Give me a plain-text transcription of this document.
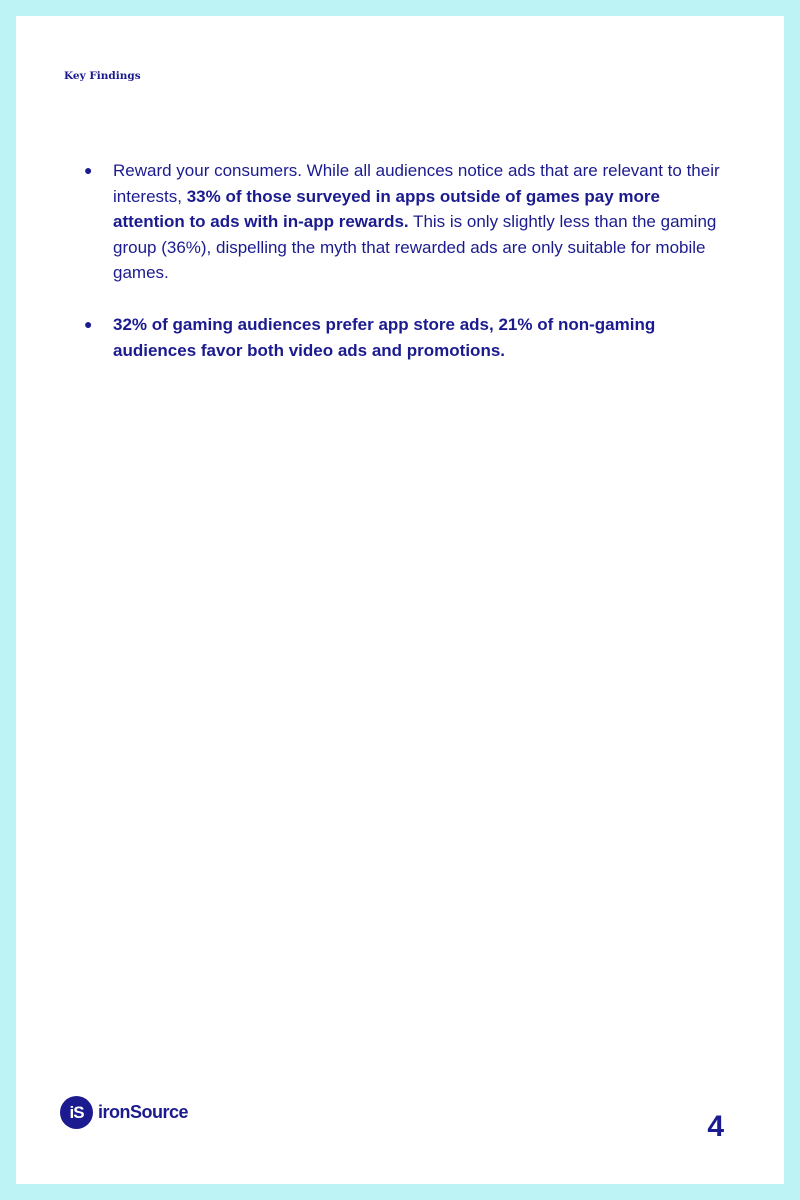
Key Findings
● Reward your consumers. While all audiences notice ads that are relevant to their interests, 33% of those surveyed in apps outside of games pay more attention to ads with in-app rewards. This is only slightly less than the gaming group (36%), dispelling the myth that rewarded ads are only suitable for mobile games.
● 32% of gaming audiences prefer app store ads, 21% of non-gaming audiences favor both video ads and promotions.
iS ironSource	4
